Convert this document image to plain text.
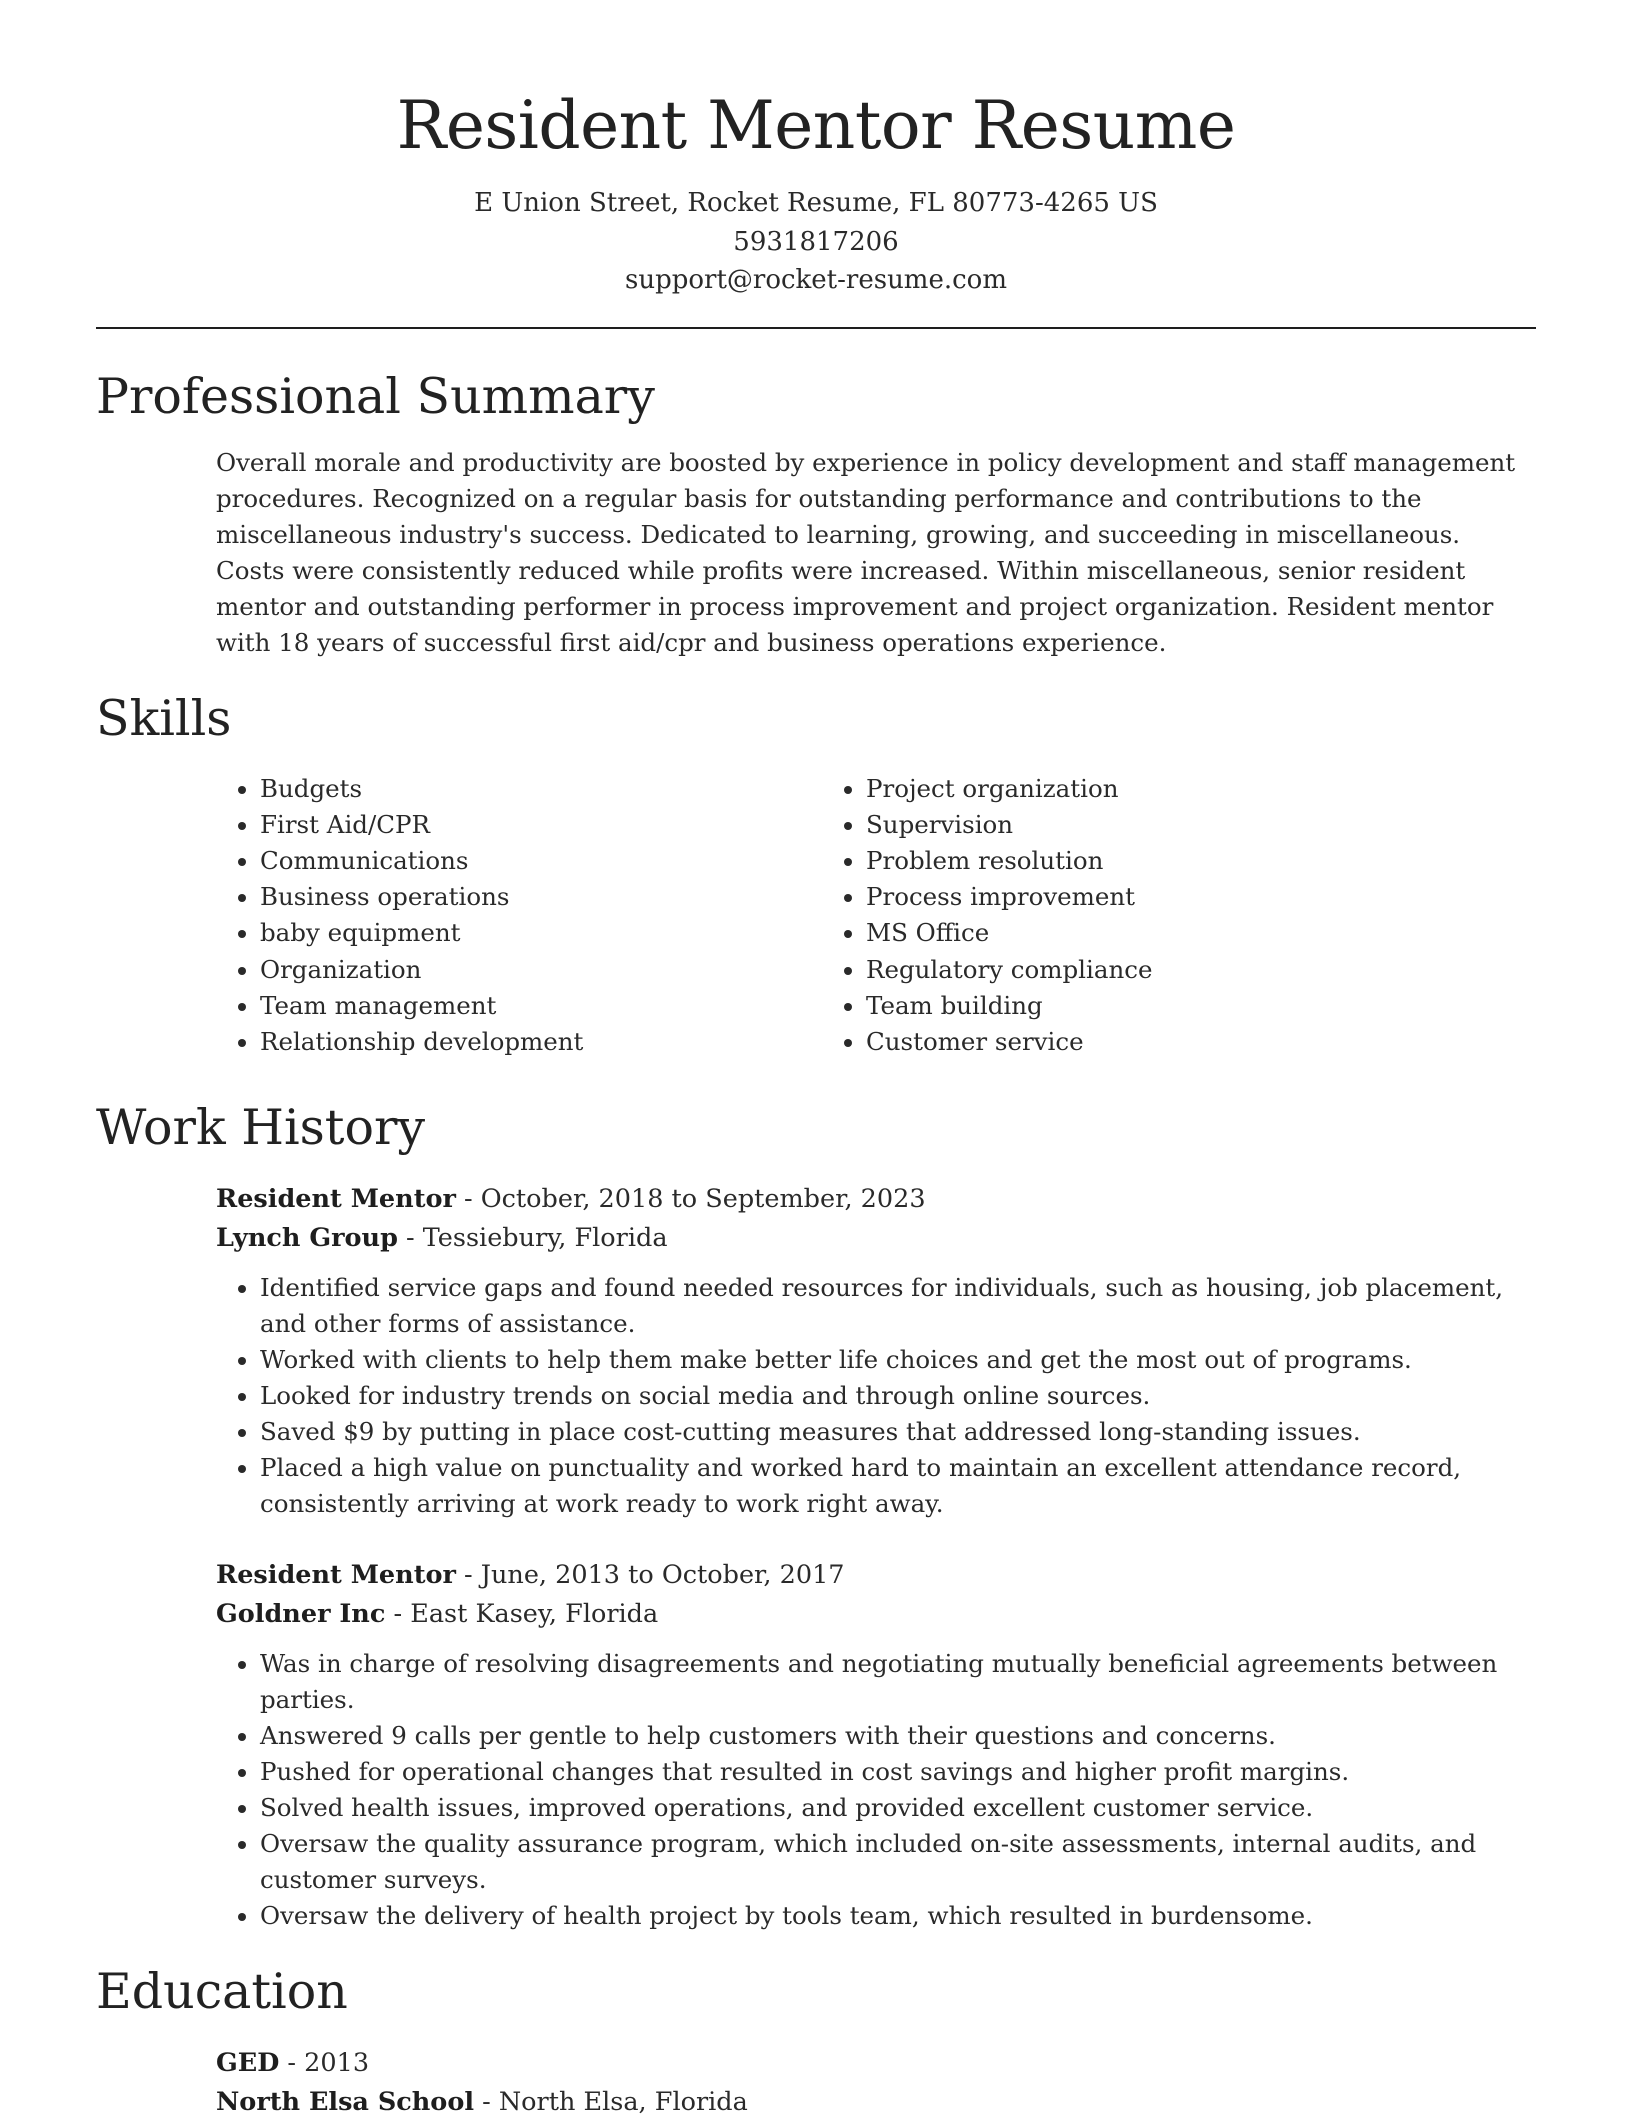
Resident Mentor Resume
E Union Street, Rocket Resume, FL 80773-4265 US
5931817206
support@rocket-resume.com
Professional Summary

Overall morale and productivity are boosted by experience in policy development and staff management procedures. Recognized on a regular basis for outstanding performance and contributions to the miscellaneous industry's success. Dedicated to learning, growing, and succeeding in miscellaneous. Costs were consistently reduced while profits were increased. Within miscellaneous, senior resident mentor and outstanding performer in process improvement and project organization. Resident mentor with 18 years of successful first aid/cpr and business operations experience.

Skills
• Budgets
• First Aid/CPR
• Communications
• Business operations
• baby equipment
• Organization
• Team management
• Relationship development
• Project organization
• Supervision
• Problem resolution
• Process improvement
• MS Office
• Regulatory compliance
• Team building
• Customer service
Work History
Resident Mentor - October, 2018 to September, 2023
Lynch Group - Tessiebury, Florida
• Identified service gaps and found needed resources for individuals, such as housing, job placement, and other forms of assistance.
• Worked with clients to help them make better life choices and get the most out of programs.
• Looked for industry trends on social media and through online sources.
• Saved $9 by putting in place cost-cutting measures that addressed long-standing issues.
• Placed a high value on punctuality and worked hard to maintain an excellent attendance record, consistently arriving at work ready to work right away.
Resident Mentor - June, 2013 to October, 2017
Goldner Inc - East Kasey, Florida
• Was in charge of resolving disagreements and negotiating mutually beneficial agreements between parties.
• Answered 9 calls per gentle to help customers with their questions and concerns.
• Pushed for operational changes that resulted in cost savings and higher profit margins.
• Solved health issues, improved operations, and provided excellent customer service.
• Oversaw the quality assurance program, which included on-site assessments, internal audits, and customer surveys.
• Oversaw the delivery of health project by tools team, which resulted in burdensome.
Education
GED - 2013
North Elsa School - North Elsa, Florida
